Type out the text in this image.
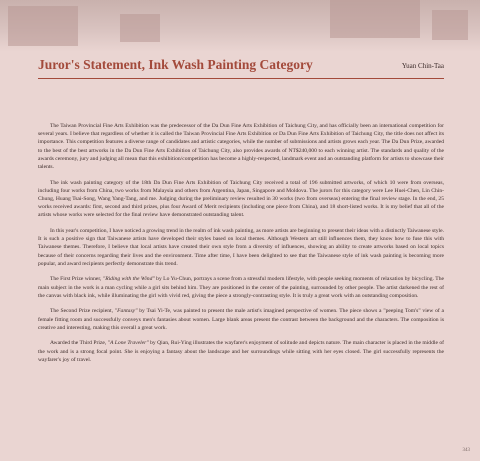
Juror's Statement, Ink Wash Painting Category	Yuan Chin-Taa

The Taiwan Provincial Fine Arts Exhibition was the predecessor of the Da Dun Fine Arts Exhibition of Taichung City, and has officially been an international competition for several years. I believe that regardless of whether it is called the Taiwan Provincial Fine Arts Exhibition or Da Dun Fine Arts Exhibition of Taichung City, the title does not affect its importance. This competition features a diverse range of candidates and artistic categories, while the number of submissions and artists grows each year. The Da Dun Prize, awarded to the best of the best artworks in the Da Dun Fine Arts Exhibition of Taichung City, also provides awards of NT$240,000 to each winning artist. The standards and quality of the awards ceremony, jury and judging all mean that this exhibition/competition has become a highly-respected, landmark event and an outstanding platform for artists to showcase their talents.

The ink wash painting category of the 18th Da Dun Fine Arts Exhibition of Taichung City received a total of 196 submitted artworks, of which 10 were from overseas, including four works from China, two works from Malaysia and others from Argentina, Japan, Singapore and Moldova. The jurors for this category were Lee Huei-Chen, Lin Chin-Chung, Huang Tsai-Song, Wang Yang-Tang, and me. Judging during the preliminary review resulted in 30 works (two from overseas) entering the final review stage. In the end, 25 works received awards: first, second and third prizes, plus four Award of Merit recipients (including one piece from China), and 18 short-listed works. It is my belief that all of the artists whose works were selected for the final review have demonstrated outstanding talent.

In this year's competition, I have noticed a growing trend in the realm of ink wash painting, as more artists are beginning to present their ideas with a distinctly Taiwanese style. It is such a positive sign that Taiwanese artists have developed their styles based on local themes. Although Western art still influences them, they know how to fuse this with Taiwanese themes. Therefore, I believe that local artists have created their own style from a diversity of influences, showing an ability to create artworks based on local topics because of their concerns regarding their lives and the environment. Time after time, I have been delighted to see that the Taiwanese style of ink wash painting is becoming more popular, and award recipients perfectly demonstrate this trend.

The First Prize winner, "Riding with the Wind" by Lo Yu-Chun, portrays a scene from a stressful modern lifestyle, with people seeking moments of relaxation by bicycling. The main subject in the work is a man cycling while a girl sits behind him. They are positioned in the center of the painting, surrounded by other people. The artist darkened the rest of the canvas with black ink, while illuminating the girl with vivid red, giving the piece a strongly-contrasting style. It is truly a great work with an outstanding composition.

The Second Prize recipient, "Fantasy" by Tsai Yi-Te, was painted to present the male artist's imagined perspective of women. The piece shows a "peeping Tom's" view of a female fitting room and successfully conveys men's fantasies about women. Large blank areas present the contrast between the background and the characters. The composition is creative and interesting, making this overall a great work.

Awarded the Third Prize, "A Lone Traveler" by Qian, Rui-Ying illustrates the wayfarer's enjoyment of solitude and depicts nature. The main character is placed in the middle of the work and is a strong focal point. She is enjoying a fantasy about the landscape and her surroundings while sitting with her eyes closed. The girl successfully represents the wayfarer's joy of travel.

343
